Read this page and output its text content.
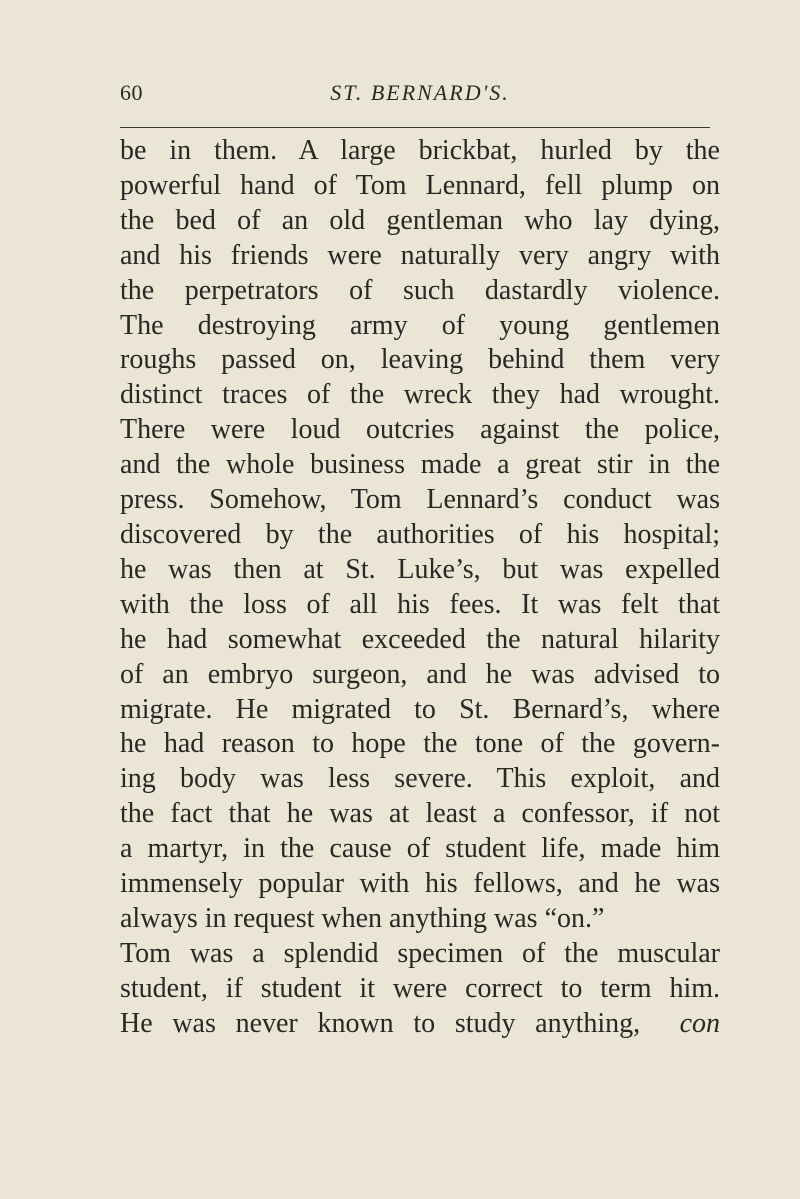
60	ST. BERNARD'S.
be in them. A large brickbat, hurled by the
powerful hand of Tom Lennard, fell plump on
the bed of an old gentleman who lay dying,
and his friends were naturally very angry with
the perpetrators of such dastardly violence.
The destroying army of young gentlemen
roughs passed on, leaving behind them very
distinct traces of the wreck they had wrought.
There were loud outcries against the police,
and the whole business made a great stir in the
press. Somehow, Tom Lennard’s conduct was
discovered by the authorities of his hospital;
he was then at St. Luke’s, but was expelled
with the loss of all his fees. It was felt that
he had somewhat exceeded the natural hilarity
of an embryo surgeon, and he was advised to
migrate. He migrated to St. Bernard’s, where
he had reason to hope the tone of the govern-
ing body was less severe. This exploit, and
the fact that he was at least a confessor, if not
a martyr, in the cause of student life, made him
immensely popular with his fellows, and he was
always in request when anything was “on.”
Tom was a splendid specimen of the muscular
student, if student it were correct to term him.
He was never known to study anything, con
